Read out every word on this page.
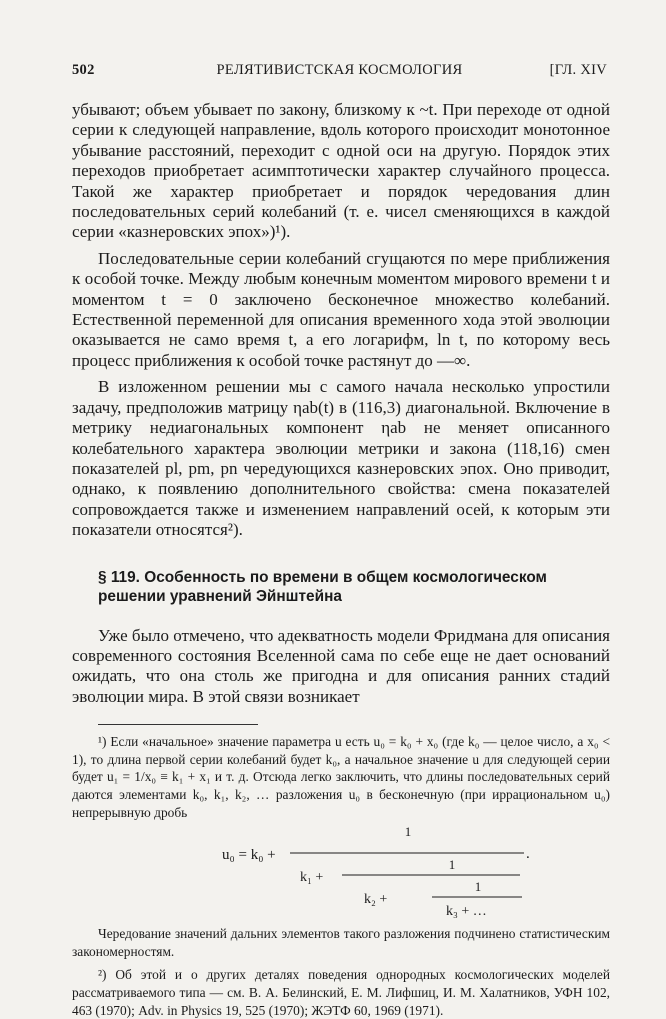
502	РЕЛЯТИВИСТСКАЯ КОСМОЛОГИЯ	[ГЛ. XIV

убывают; объем убывает по закону, близкому к ~t. При переходе от одной серии к следующей направление, вдоль которого происходит монотонное убывание расстояний, переходит с одной оси на другую. Порядок этих переходов приобретает асимптотически характер случайного процесса. Такой же характер приобретает и порядок чередования длин последовательных серий колебаний (т. е. чисел сменяющихся в каждой серии «казнеровских эпох»)¹).

Последовательные серии колебаний сгущаются по мере приближения к особой точке. Между любым конечным моментом мирового времени t и моментом t = 0 заключено бесконечное множество колебаний. Естественной переменной для описания временного хода этой эволюции оказывается не само время t, а его логарифм, ln t, по которому весь процесс приближения к особой точке растянут до —∞.

В изложенном решении мы с самого начала несколько упростили задачу, предположив матрицу ηab(t) в (116,3) диагональной. Включение в метрику недиагональных компонент ηab не меняет описанного колебательного характера эволюции метрики и закона (118,16) смен показателей pl, pm, pn чередующихся казнеровских эпох. Оно приводит, однако, к появлению дополнительного свойства: смена показателей сопровождается также и изменением направлений осей, к которым эти показатели относятся²).

§ 119. Особенность по времени в общем космологическом
решении уравнений Эйнштейна

Уже было отмечено, что адекватность модели Фридмана для описания современного состояния Вселенной сама по себе еще не дает оснований ожидать, что она столь же пригодна и для описания ранних стадий эволюции мира. В этой связи возникает

¹) Если «начальное» значение параметра u есть u₀ = k₀ + x₀ (где k₀ — целое число, а x₀ < 1), то длина первой серии колебаний будет k₀, а начальное значение u для следующей серии будет u₁ = 1/x₀ ≡ k₁ + x₁ и т. д. Отсюда легко заключить, что длины последовательных серий даются элементами k₀, k₁, k₂, … разложения u₀ в бесконечную (при иррациональном u₀) непрерывную дробь

u₀ = k₀ +
1
.
k₁ +
1
k₂ +
1
k₃ + …

Чередование значений дальних элементов такого разложения подчинено статистическим закономерностям.

²) Об этой и о других деталях поведения однородных космологических моделей рассматриваемого типа — см. В. А. Белинский, Е. М. Лифшиц, И. М. Халатников, УФН 102, 463 (1970); Adv. in Physics 19, 525 (1970); ЖЭТФ 60, 1969 (1971).
